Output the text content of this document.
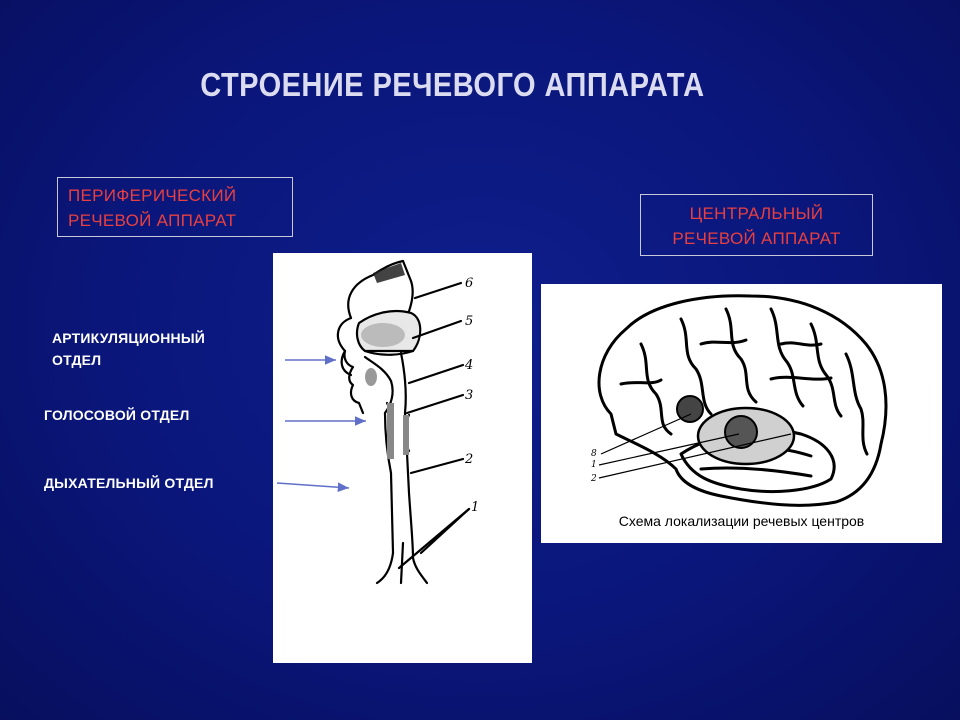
СТРОЕНИЕ РЕЧЕВОГО АППАРАТА
ПЕРИФЕРИЧЕСКИЙ
РЕЧЕВОЙ АППАРАТ	ЦЕНТРАЛЬНЫЙ
РЕЧЕВОЙ АППАРАТ
АРТИКУЛЯЦИОННЫЙ
ОТДЕЛ
ГОЛОСОВОЙ ОТДЕЛ
ДЫХАТЕЛЬНЫЙ ОТДЕЛ
6
5
4
3
2
1
8
1
2
Схема локализации речевых центров
